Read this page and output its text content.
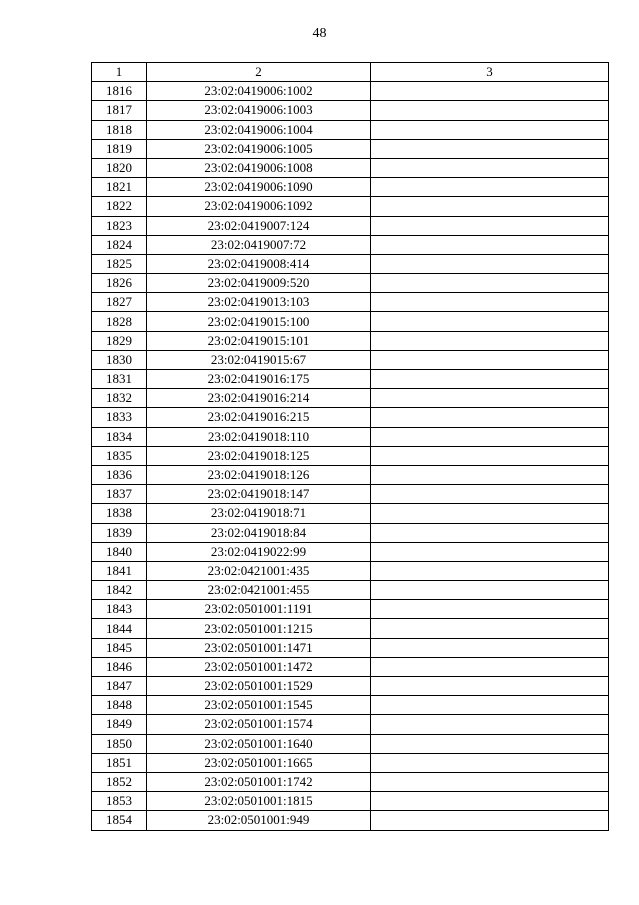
48
1	2	3
1816	23:02:0419006:1002	
1817	23:02:0419006:1003	
1818	23:02:0419006:1004	
1819	23:02:0419006:1005	
1820	23:02:0419006:1008	
1821	23:02:0419006:1090	
1822	23:02:0419006:1092	
1823	23:02:0419007:124	
1824	23:02:0419007:72	
1825	23:02:0419008:414	
1826	23:02:0419009:520	
1827	23:02:0419013:103	
1828	23:02:0419015:100	
1829	23:02:0419015:101	
1830	23:02:0419015:67	
1831	23:02:0419016:175	
1832	23:02:0419016:214	
1833	23:02:0419016:215	
1834	23:02:0419018:110	
1835	23:02:0419018:125	
1836	23:02:0419018:126	
1837	23:02:0419018:147	
1838	23:02:0419018:71	
1839	23:02:0419018:84	
1840	23:02:0419022:99	
1841	23:02:0421001:435	
1842	23:02:0421001:455	
1843	23:02:0501001:1191	
1844	23:02:0501001:1215	
1845	23:02:0501001:1471	
1846	23:02:0501001:1472	
1847	23:02:0501001:1529	
1848	23:02:0501001:1545	
1849	23:02:0501001:1574	
1850	23:02:0501001:1640	
1851	23:02:0501001:1665	
1852	23:02:0501001:1742	
1853	23:02:0501001:1815	
1854	23:02:0501001:949	
